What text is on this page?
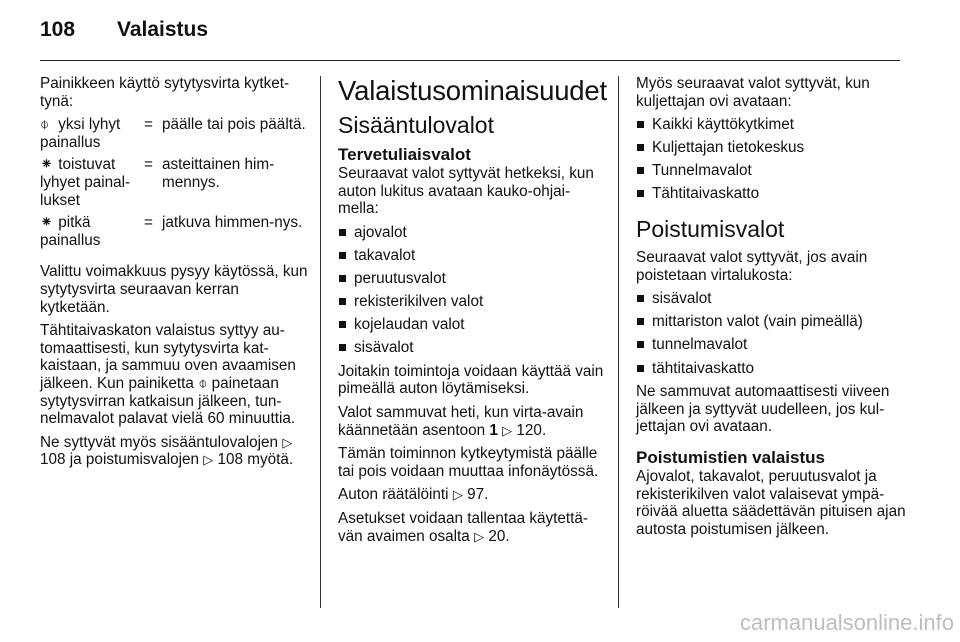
108 Valaistus

Painikkeen käyttö sytytysvirta kytket-tynä:

⌽ yksi lyhyt painallus
= päälle tai pois päältä.
⁕ toistuvat lyhyet painal-lukset
= asteittainen him-mennys.
⁕ pitkä painallus
= jatkuva himmen-nys.

Valittu voimakkuus pysyy käytössä, kun sytytysvirta seuraavan kerran kytketään.

Tähtitaivaskaton valaistus syttyy au-tomaattisesti, kun sytytysvirta kat-kaistaan, ja sammuu oven avaamisen jälkeen. Kun painiketta ⌽ painetaan sytytysvirran katkaisun jälkeen, tun-nelmavalot palavat vielä 60 minuuttia.

Ne syttyvät myös sisääntulovalojen ▷ 108 ja poistumisvalojen ▷ 108 myötä.

Valaistusominaisuudet
Sisääntulovalot
Tervetuliaisvalot

Seuraavat valot syttyvät hetkeksi, kun auton lukitus avataan kauko-ohjai-mella:

ajovalot
takavalot
peruutusvalot
rekisterikilven valot
kojelaudan valot
sisävalot

Joitakin toimintoja voidaan käyttää vain pimeällä auton löytämiseksi.

Valot sammuvat heti, kun virta-avain käännetään asentoon 1 ▷ 120.

Tämän toiminnon kytkeytymistä päälle tai pois voidaan muuttaa infonäytössä.

Auton räätälöinti ▷ 97.

Asetukset voidaan tallentaa käytettä-vän avaimen osalta ▷ 20.

Myös seuraavat valot syttyvät, kun kuljettajan ovi avataan:

Kaikki käyttökytkimet
Kuljettajan tietokeskus
Tunnelmavalot
Tähtitaivaskatto
Poistumisvalot

Seuraavat valot syttyvät, jos avain poistetaan virtalukosta:

sisävalot
mittariston valot (vain pimeällä)
tunnelmavalot
tähtitaivaskatto

Ne sammuvat automaattisesti viiveen jälkeen ja syttyvät uudelleen, jos kul-jettajan ovi avataan.

Poistumistien valaistus

Ajovalot, takavalot, peruutusvalot ja rekisterikilven valot valaisevat ympä-röivää aluetta säädettävän pituisen ajan autosta poistumisen jälkeen.

carmanualsonline.info
